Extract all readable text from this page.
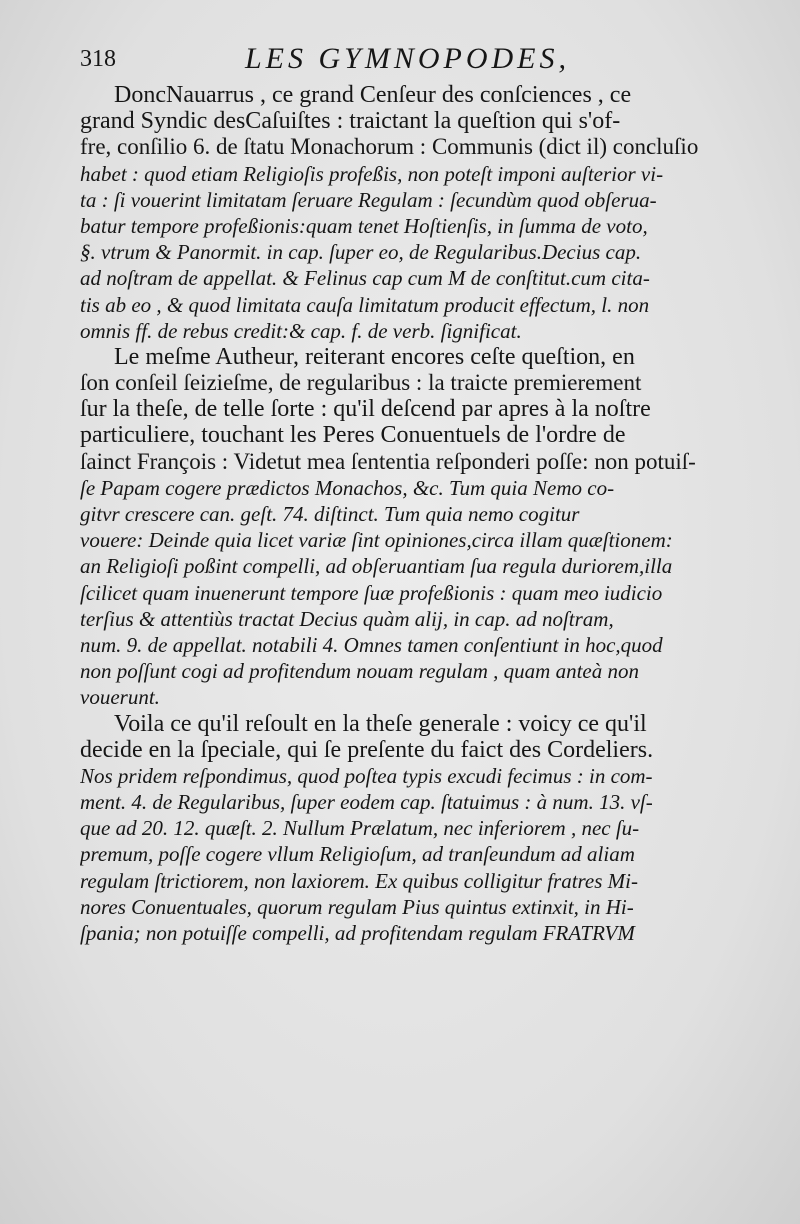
318	LES GYMNOPODES,
DoncNauarrus , ce grand Cenſeur des conſciences , ce
grand Syndic desCaſuiſtes : traictant la queſtion qui s'of-
fre, conſilio 6. de ſtatu Monachorum : Communis (dict il) concluſio
habet : quod etiam Religioſis profeßis, non poteſt imponi auſterior vi-
ta : ſi vouerint limitatam ſeruare Regulam : ſecundùm quod obſerua-
batur tempore profeßionis:quam tenet Hoſtienſis, in ſumma de voto,
§. vtrum & Panormit. in cap. ſuper eo, de Regularibus.Decius cap.
ad noſtram de appellat. & Felinus cap cum M de conſtitut.cum cita-
tis ab eo , & quod limitata cauſa limitatum producit effectum, l. non
omnis ff. de rebus credit:& cap. f. de verb. ſignificat.
Le meſme Autheur, reiterant encores ceſte queſtion, en
ſon conſeil ſeizieſme, de regularibus : la traicte premierement
ſur la theſe, de telle ſorte : qu'il deſcend par apres à la noſtre
particuliere, touchant les Peres Conuentuels de l'ordre de
ſainct François : Videtut mea ſententia reſponderi poſſe: non potuiſ-
ſe Papam cogere prædictos Monachos, &c. Tum quia Nemo co-
gitvr crescere can. geſt. 74. diſtinct. Tum quia nemo cogitur
vouere: Deinde quia licet variæ ſint opiniones,circa illam quæſtionem:
an Religioſi poßint compelli, ad obſeruantiam ſua regula duriorem,illa
ſcilicet quam inuenerunt tempore ſuæ profeßionis : quam meo iudicio
terſius & attentiùs tractat Decius quàm alij, in cap. ad noſtram,
num. 9. de appellat. notabili 4. Omnes tamen conſentiunt in hoc,quod
non poſſunt cogi ad profitendum nouam regulam , quam anteà non
vouerunt.
Voila ce qu'il reſoult en la theſe generale : voicy ce qu'il
decide en la ſpeciale, qui ſe preſente du faict des Cordeliers.
Nos pridem reſpondimus, quod poſtea typis excudi fecimus : in com-
ment. 4. de Regularibus, ſuper eodem cap. ſtatuimus : à num. 13. vſ-
que ad 20. 12. quæſt. 2. Nullum Prælatum, nec inferiorem , nec ſu-
premum, poſſe cogere vllum Religioſum, ad tranſeundum ad aliam
regulam ſtrictiorem, non laxiorem. Ex quibus colligitur fratres Mi-
nores Conuentuales, quorum regulam Pius quintus extinxit, in Hi-
ſpania; non potuiſſe compelli, ad profitendam regulam FRATRVM
